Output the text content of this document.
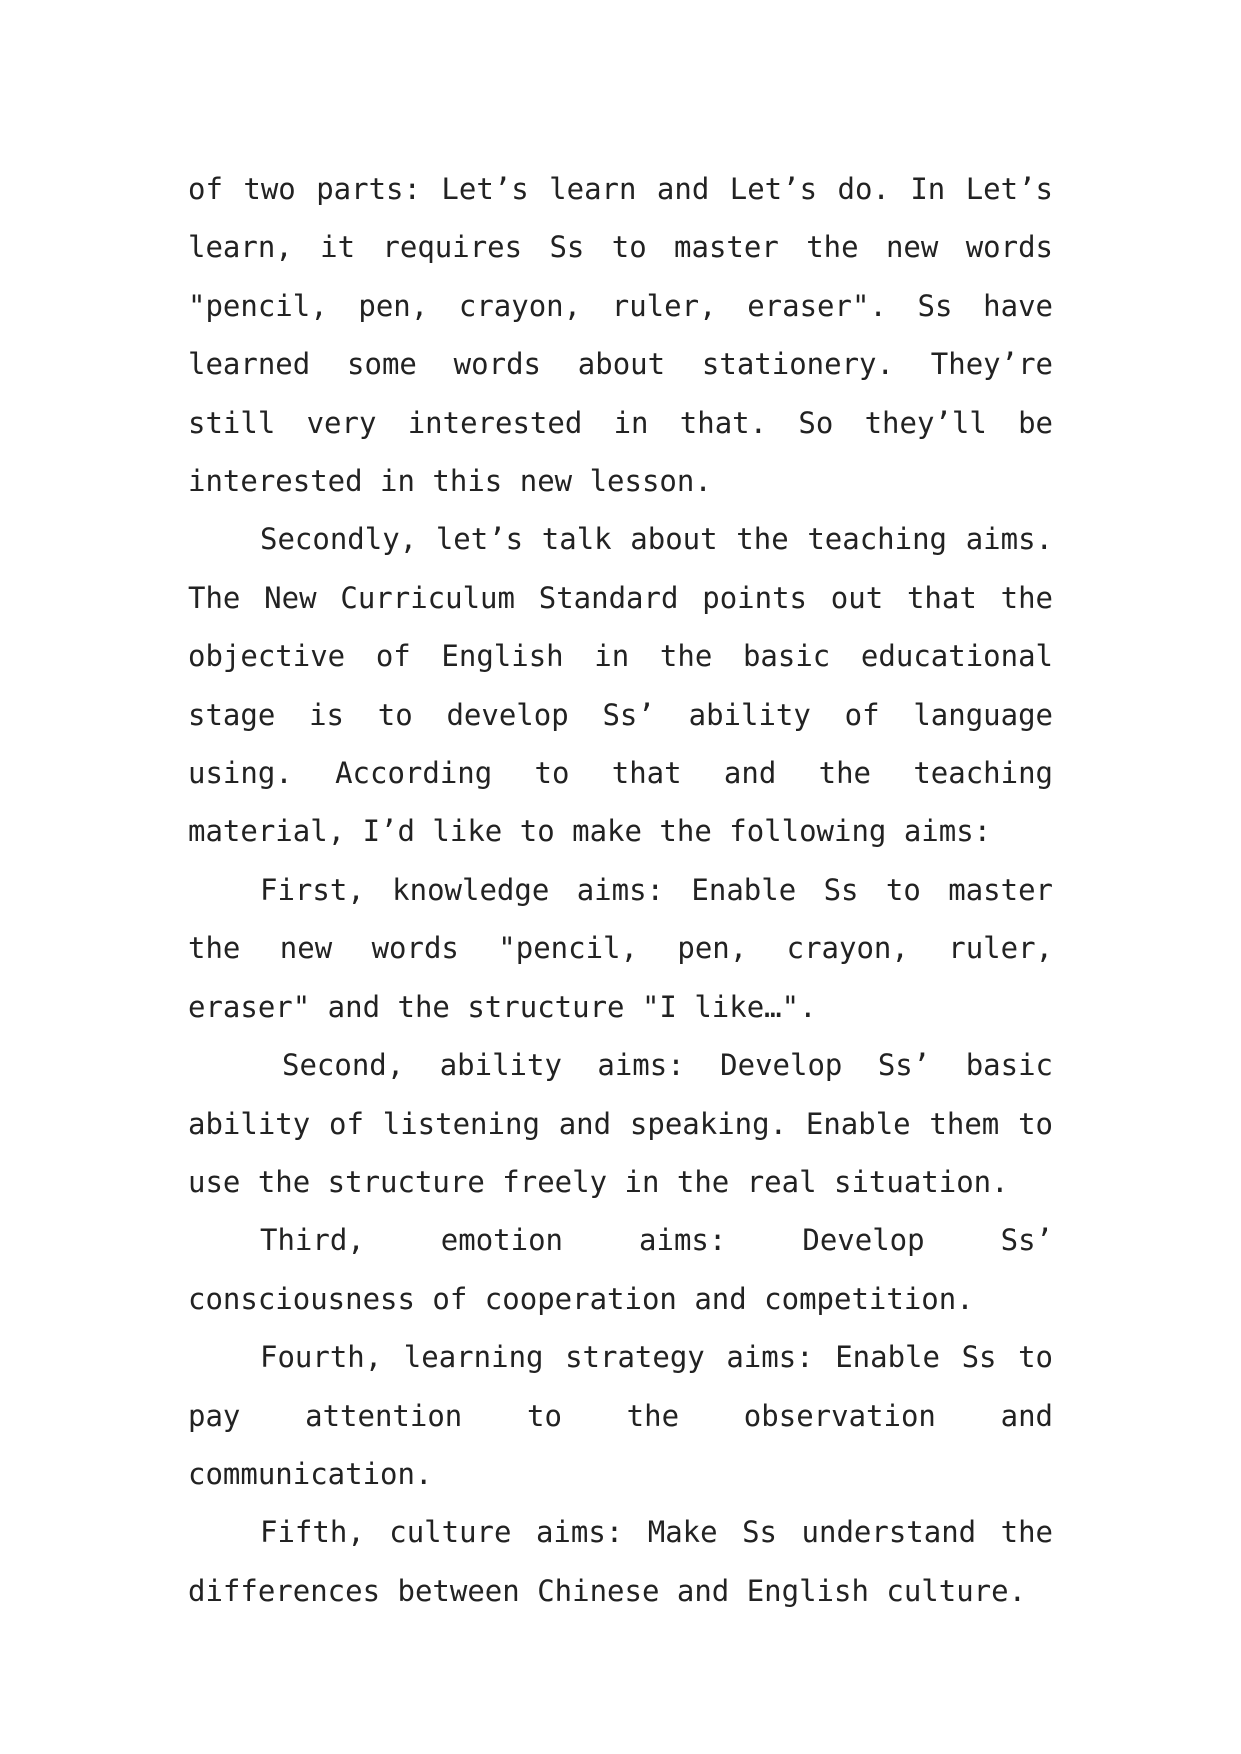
of two parts: Let’s learn and Let’s do. In Let’s learn, it requires Ss to master the new words "pencil, pen, crayon, ruler, eraser". Ss have learned some words about stationery. They’re still very interested in that. So they’ll be interested in this new lesson.

Secondly, let’s talk about the teaching aims. The New Curriculum Standard points out that the objective of English in the basic educational stage is to develop Ss’ ability of language using. According to that and the teaching material, I’d like to make the following aims:

First, knowledge aims: Enable Ss to master the new words "pencil, pen, crayon, ruler, eraser" and the structure "I like…".

Second, ability aims: Develop Ss’ basic ability of listening and speaking. Enable them to use the structure freely in the real situation.

Third, emotion aims: Develop Ss’ consciousness of cooperation and competition.

Fourth, learning strategy aims: Enable Ss to pay attention to the observation and communication.

Fifth, culture aims: Make Ss understand the differences between Chinese and English culture.
